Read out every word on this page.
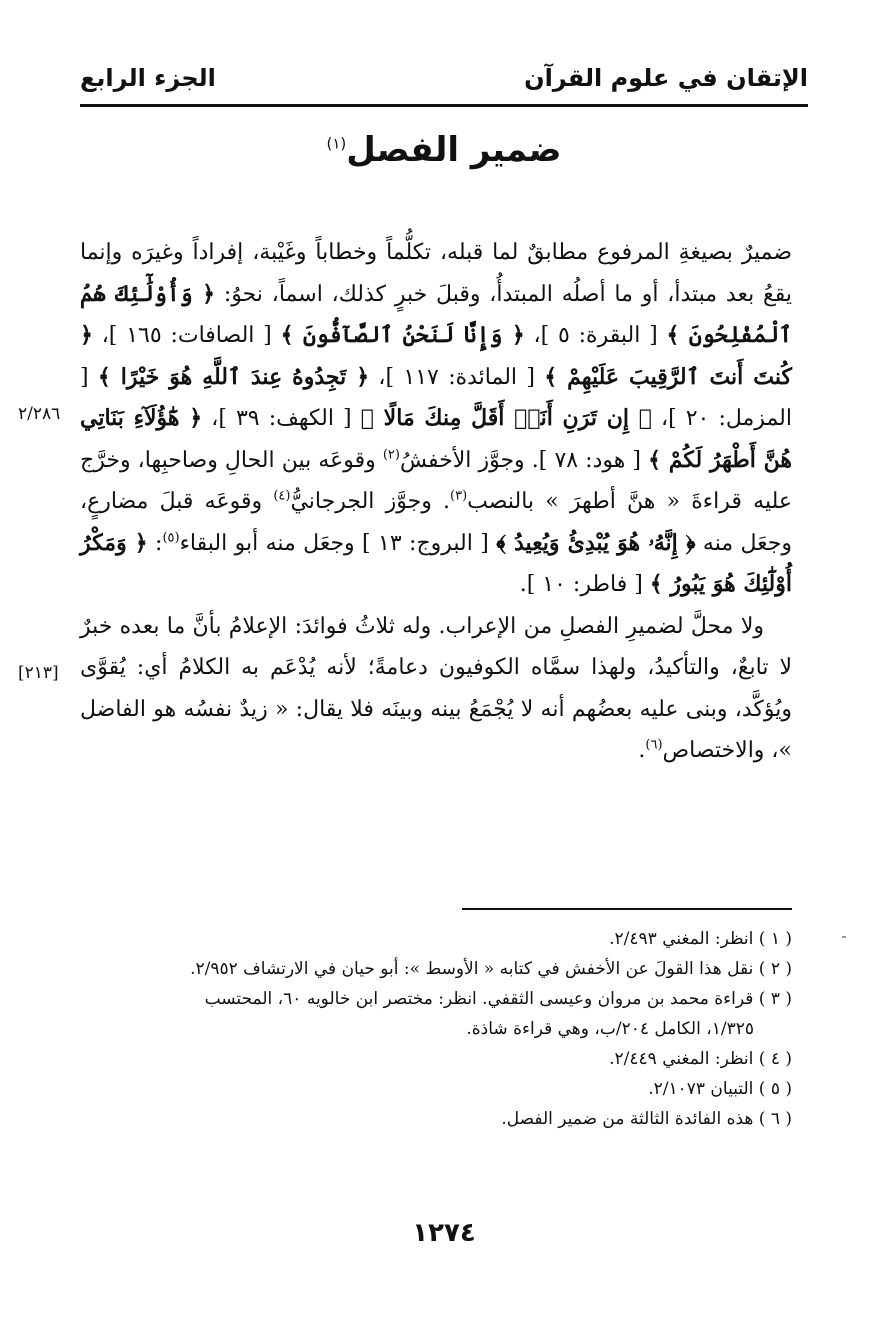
الإتقان في علوم القرآن
الجزء الرابع
ضمير الفصل$^{(١)}$

ضميرٌ بصيغةِ المرفوع مطابقٌ لما قبله، تكلُّماً وخطاباً وغَيْبة، إفراداً وغيرَه وإنما يقعُ بعد مبتدأ، أو ما أصلُه المبتدأُ، وقبلَ خبرٍ كذلك، اسماً، نحوُ: ﴿ وَأُوْلَٰٓئِكَ هُمُ ٱلْمُفْلِحُونَ ﴾ [ البقرة: ٥ ]، ﴿ وَإِنَّا لَنَحْنُ ٱلصَّآفُّونَ ﴾ [ الصافات: ١٦٥ ]، ﴿ كُنتَ أَنتَ ٱلرَّقِيبَ عَلَيْهِمْ ﴾ [ المائدة: ١١٧ ]، ﴿ تَجِدُوهُ عِندَ ٱللَّهِ هُوَ خَيْرًا ﴾ [ المزمل: ٢٠ ]، ﴿ إِن تَرَنِ أَنَا۠ أَقَلَّ مِنكَ مَالًا ﴾ [ الكهف: ٣٩ ]، ﴿ هَٰٓؤُلَآءِ بَنَاتِي هُنَّ أَطْهَرُ لَكُمْ ﴾ [ هود: ٧٨ ]. وجوَّز الأخفشُ$^{(٢)}$ وقوعَه بين الحالِ وصاحبِها، وخرَّج عليه قراءةَ « هنَّ أطهرَ » بالنصب$^{(٣)}$. وجوَّز الجرجانيُّ$^{(٤)}$ وقوعَه قبلَ مضارعٍ، وجعَل منه ﴿ إِنَّهُۥ هُوَ يُبْدِئُ وَيُعِيدُ ﴾ [ البروج: ١٣ ] وجعَل منه أبو البقاء$^{(٥)}$: ﴿ وَمَكْرُ أُوْلَٰٓئِكَ هُوَ يَبُورُ ﴾ [ فاطر: ١٠ ].

ولا محلَّ لضميرِ الفصلِ من الإعراب. وله ثلاثُ فوائدَ: الإعلامُ بأنَّ ما بعده خبرٌ لا تابعٌ، والتأكيدُ، ولهذا سمَّاه الكوفيون دعامةً؛ لأنه يُدْعَم به الكلامُ أي: يُقوَّى ويُؤكَّد، وبنى عليه بعضُهم أنه لا يُجْمَعُ بينه وبينَه فلا يقال: « زيدٌ نفسُه هو الفاضل »، والاختصاص$^{(٦)}$.

٢/٢٨٦
[٢١٣]
( ١ ) انظر: المغني ٢/٤٩٣.
( ٢ ) نقل هذا القولَ عن الأخفش في كتابه « الأوسط »: أبو حيان في الارتشاف ٢/٩٥٢.
( ٣ ) قراءة محمد بن مروان وعيسى الثقفي. انظر: مختصر ابن خالويه ٦٠، المحتسب
١/٣٢٥، الكامل ٢٠٤/ب، وهي قراءة شاذة.
( ٤ ) انظر: المغني ٢/٤٤٩.
( ٥ ) التبيان ٢/١٠٧٣.
( ٦ ) هذه الفائدة الثالثة من ضمير الفصل.
١٢٧٤
